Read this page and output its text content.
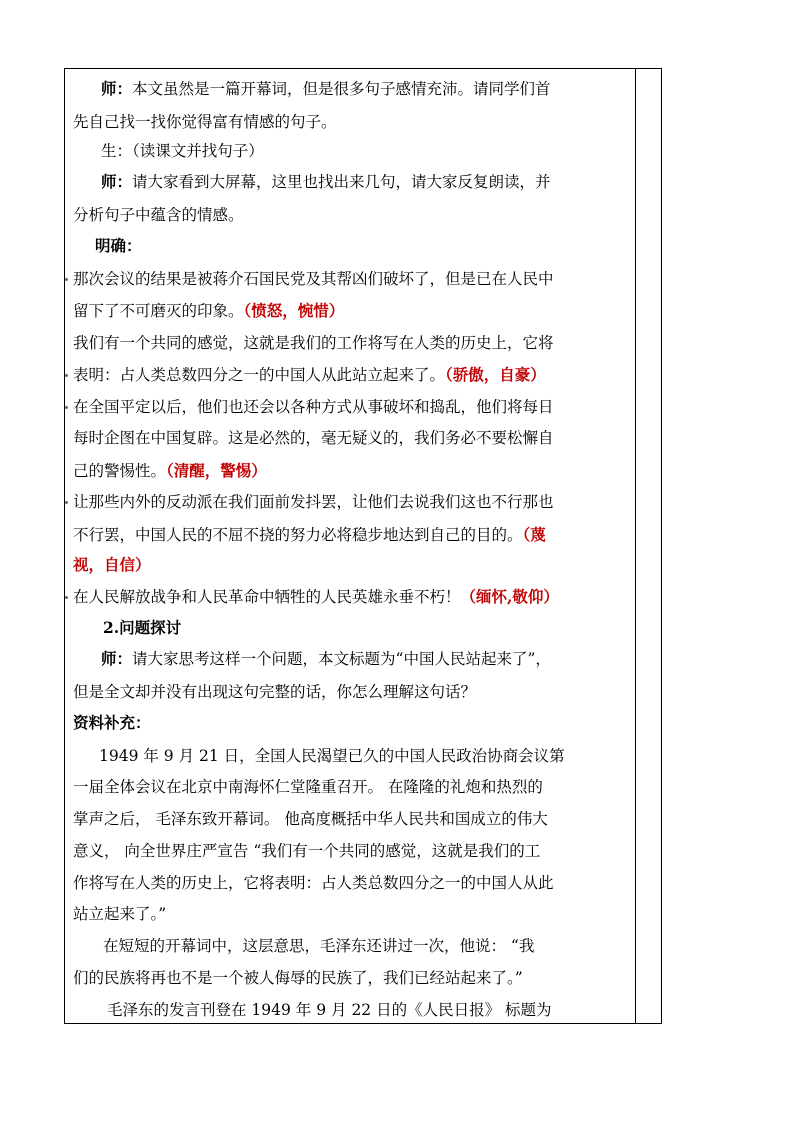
师：本文虽然是一篇开幕词，但是很多句子感情充沛。请同学们首
先自己找一找你觉得富有情感的句子。
生：（读课文并找句子）
师：请大家看到大屏幕，这里也找出来几句，请大家反复朗读，并
分析句子中蕴含的情感。
明确：
那次会议的结果是被蒋介石国民党及其帮凶们破坏了，但是已在人民中
留下了不可磨灭的印象。（愤怒，惋惜）
我们有一个共同的感觉，这就是我们的工作将写在人类的历史上，它将
表明：占人类总数四分之一的中国人从此站立起来了。（骄傲，自豪）
在全国平定以后，他们也还会以各种方式从事破坏和捣乱，他们将每日
每时企图在中国复辟。这是必然的，毫无疑义的，我们务必不要松懈自
己的警惕性。（清醒，警惕）
让那些内外的反动派在我们面前发抖罢，让他们去说我们这也不行那也
不行罢，中国人民的不屈不挠的努力必将稳步地达到自己的目的。（蔑
视，自信）
在人民解放战争和人民革命中牺牲的人民英雄永垂不朽！（缅怀,敬仰）
2.问题探讨
师：请大家思考这样一个问题，本文标题为“中国人民站起来了”，
但是全文却并没有出现这句完整的话，你怎么理解这句话？
资料补充：
1949 年 9 月 21 日，全国人民渴望已久的中国人民政治协商会议第
一届全体会议在北京中南海怀仁堂隆重召开。 在隆隆的礼炮和热烈的
掌声之后， 毛泽东致开幕词。 他高度概括中华人民共和国成立的伟大
意义， 向全世界庄严宣告 “我们有一个共同的感觉，这就是我们的工
作将写在人类的历史上，它将表明：占人类总数四分之一的中国人从此
站立起来了。”
在短短的开幕词中，这层意思，毛泽东还讲过一次，他说： “我
们的民族将再也不是一个被人侮辱的民族了，我们已经站起来了。”
毛泽东的发言刊登在 1949 年 9 月 22 日的《人民日报》 标题为
